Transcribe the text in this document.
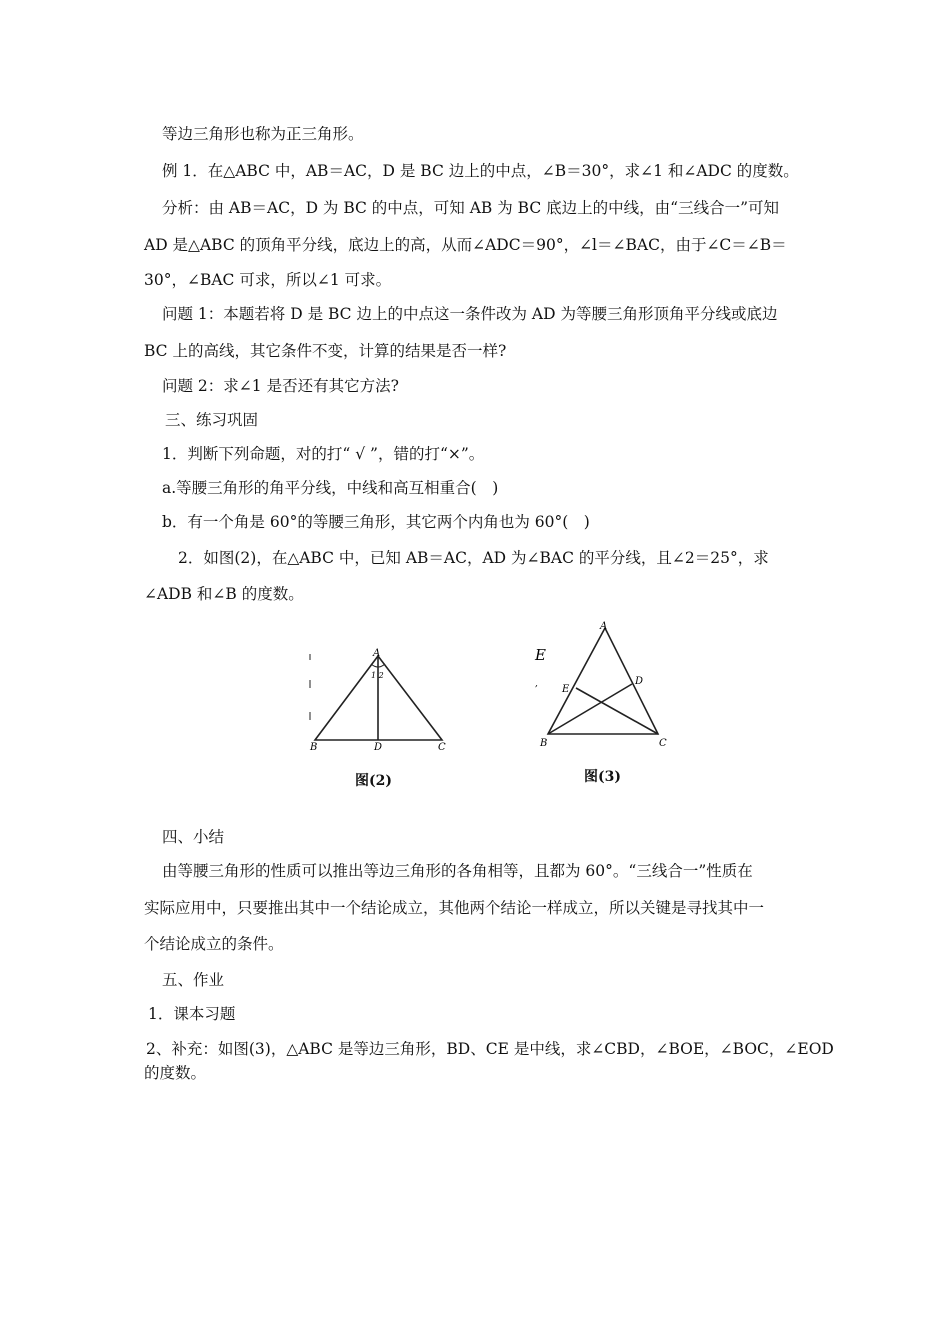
等边三角形也称为正三角形。
例 1．在△ABC 中，AB＝AC，D 是 BC 边上的中点，∠B＝30°，求∠1 和∠ADC 的度数。
分析：由 AB＝AC，D 为 BC 的中点，可知 AB 为 BC 底边上的中线，由“三线合一”可知
AD 是△ABC 的顶角平分线，底边上的高，从而∠ADC＝90°，∠l＝∠BAC，由于∠C＝∠B＝
30°，∠BAC 可求，所以∠1 可求。
问题 1：本题若将 D 是 BC 边上的中点这一条件改为 AD 为等腰三角形顶角平分线或底边
BC 上的高线，其它条件不变，计算的结果是否一样?
问题 2：求∠1 是否还有其它方法?
三、练习巩固
1．判断下列命题，对的打“ √ ”，错的打“×”。
a.等腰三角形的角平分线，中线和高互相重合(　)
b．有一个角是 60°的等腰三角形，其它两个内角也为 60°(　)
2．如图(2)，在△ABC 中，已知 AB＝AC，AD 为∠BAC 的平分线，且∠2＝25°，求
∠ADB 和∠B 的度数。
A
1 2
B	D	C
图(2)
A
E
, E
D
B	C
图(3)
四、小结
由等腰三角形的性质可以推出等边三角形的各角相等，且都为 60°。“三线合一”性质在
实际应用中，只要推出其中一个结论成立，其他两个结论一样成立，所以关键是寻找其中一
个结论成立的条件。
五、作业
1．课本习题
2、补充：如图(3)，△ABC 是等边三角形，BD、CE 是中线，求∠CBD，∠BOE，∠BOC，∠EOD
的度数。
